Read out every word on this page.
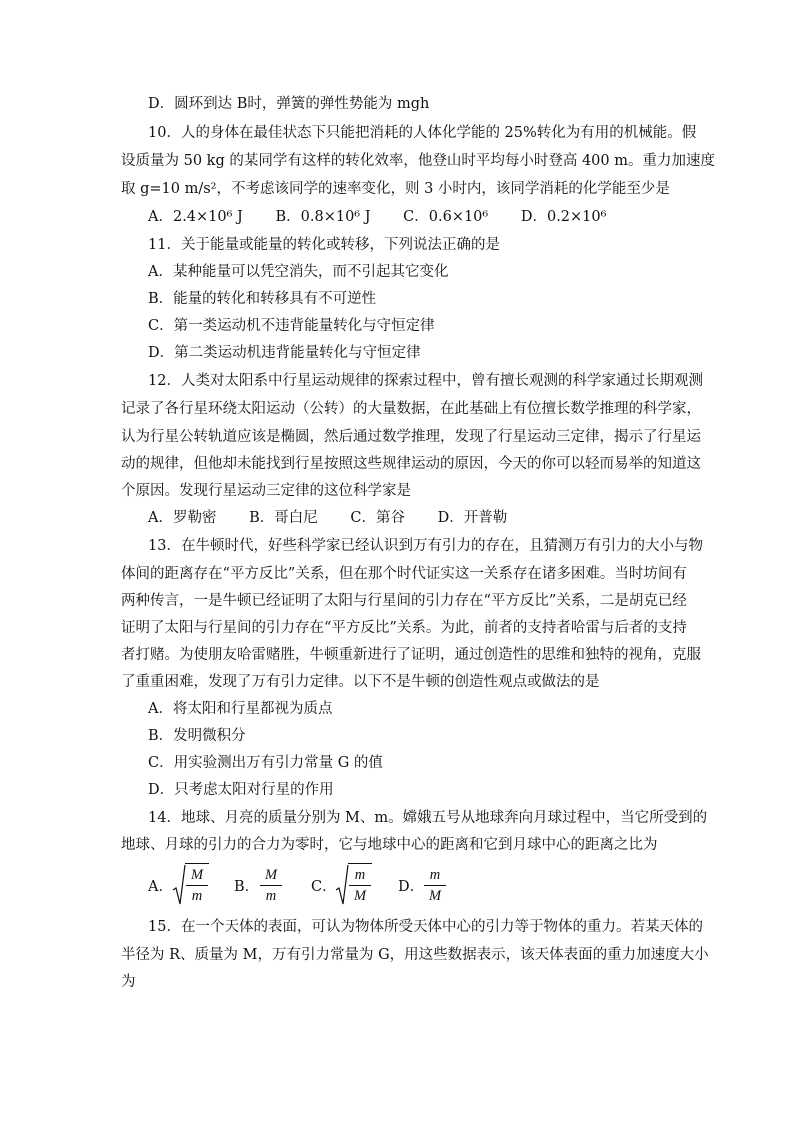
D．圆环到达 B时，弹簧的弹性势能为 mgh
10．人的身体在最佳状态下只能把消耗的人体化学能的 25%转化为有用的机械能。假
设质量为 50 kg 的某同学有这样的转化效率，他登山时平均每小时登高 400 m。重力加速度
取 g=10 m/s²，不考虑该同学的速率变化，则 3 小时内，该同学消耗的化学能至少是
A．2.4×10⁶ J B．0.8×10⁶ J C．0.6×10⁶ D．0.2×10⁶
11．关于能量或能量的转化或转移，下列说法正确的是
A．某种能量可以凭空消失，而不引起其它变化
B．能量的转化和转移具有不可逆性
C．第一类运动机不违背能量转化与守恒定律
D．第二类运动机违背能量转化与守恒定律
12．人类对太阳系中行星运动规律的探索过程中，曾有擅长观测的科学家通过长期观测
记录了各行星环绕太阳运动（公转）的大量数据，在此基础上有位擅长数学推理的科学家，
认为行星公转轨道应该是椭圆，然后通过数学推理，发现了行星运动三定律，揭示了行星运
动的规律，但他却未能找到行星按照这些规律运动的原因，今天的你可以轻而易举的知道这
个原因。发现行星运动三定律的这位科学家是
A．罗勒密 B．哥白尼 C．第谷 D．开普勒
13．在牛顿时代，好些科学家已经认识到万有引力的存在，且猜测万有引力的大小与物
体间的距离存在“平方反比”关系，但在那个时代证实这一关系存在诸多困难。当时坊间有
两种传言，一是牛顿已经证明了太阳与行星间的引力存在“平方反比”关系，二是胡克已经
证明了太阳与行星间的引力存在“平方反比”关系。为此，前者的支持者哈雷与后者的支持
者打赌。为使朋友哈雷赌胜，牛顿重新进行了证明，通过创造性的思维和独特的视角，克服
了重重困难，发现了万有引力定律。以下不是牛顿的创造性观点或做法的是
A．将太阳和行星都视为质点
B．发明微积分
C．用实验测出万有引力常量 G 的值
D．只考虑太阳对行星的作用
14．地球、月亮的质量分别为 M、m。嫦娥五号从地球奔向月球过程中，当它所受到的
地球、月球的引力的合力为零时，它与地球中心的距离和它到月球中心的距离之比为
A．
M
m
B．
M
m
C．
m
M
D．
m
M
15．在一个天体的表面，可认为物体所受天体中心的引力等于物体的重力。若某天体的
半径为 R、质量为 M，万有引力常量为 G，用这些数据表示，该天体表面的重力加速度大小
为
